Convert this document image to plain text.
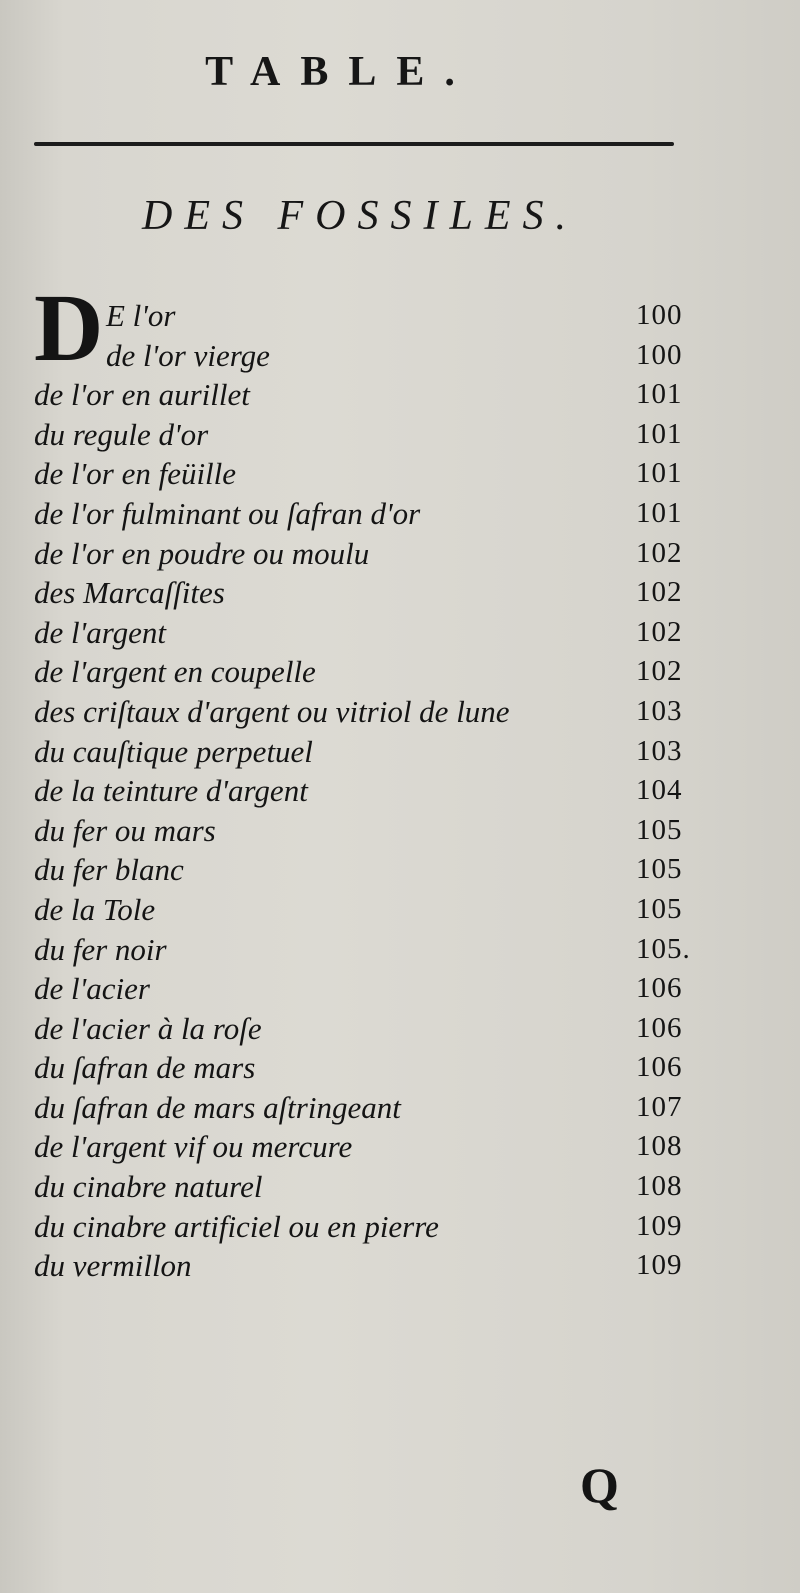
TABLE.
DES FOSSILES.
D E l'or	100
de l'or vierge	100
de l'or en aurillet	101
du regule d'or	101
de l'or en feüille	101
de l'or fulminant ou ſafran d'or	101
de l'or en poudre ou moulu	102
des Marcaſſites	102
de l'argent	102
de l'argent en coupelle	102
des criſtaux d'argent ou vitriol de lune	103
du cauſtique perpetuel	103
de la teinture d'argent	104
du fer ou mars	105
du fer blanc	105
de la Tole	105
du fer noir	105.
de l'acier	106
de l'acier à la roſe	106
du ſafran de mars	106
du ſafran de mars aſtringeant	107
de l'argent vif ou mercure	108
du cinabre naturel	108
du cinabre artificiel ou en pierre	109
du vermillon	109
Q
